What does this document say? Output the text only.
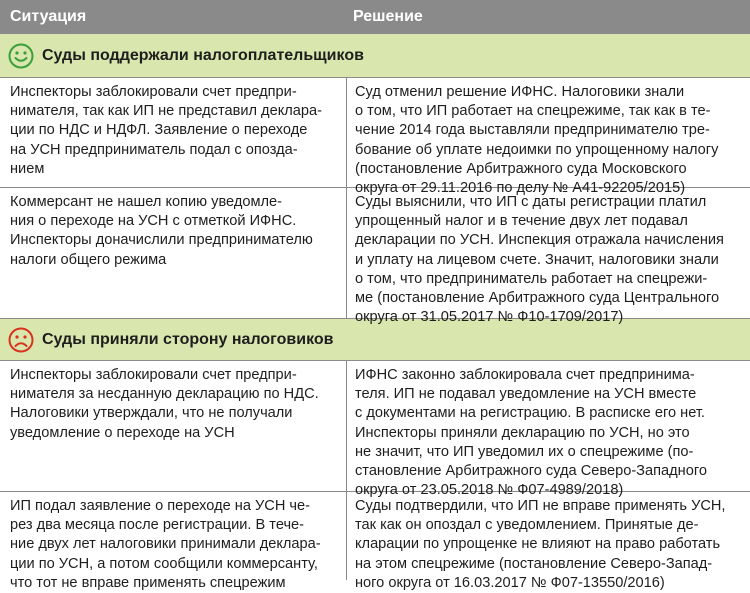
Ситуация	Решение
Суды поддержали налогоплательщиков
Инспекторы заблокировали счет предпри-
нимателя, так как ИП не представил деклара-
ции по НДС и НДФЛ. Заявление о переходе
на УСН предприниматель подал с опозда-
нием
Суд отменил решение ИФНС. Налоговики знали
о том, что ИП работает на спецрежиме, так как в те-
чение 2014 года выставляли предпринимателю тре-
бование об уплате недоимки по упрощенному налогу
(постановление Арбитражного суда Московского
округа от 29.11.2016 по делу № А41-92205/2015)
Коммерсант не нашел копию уведомле-
ния о переходе на УСН с отметкой ИФНС.
Инспекторы доначислили предпринимателю
налоги общего режима
Суды выяснили, что ИП с даты регистрации платил
упрощенный налог и в течение двух лет подавал
декларации по УСН. Инспекция отражала начисления
и уплату на лицевом счете. Значит, налоговики знали
о том, что предприниматель работает на спецрежи-
ме (постановление Арбитражного суда Центрального
округа от 31.05.2017 № Ф10-1709/2017)
Суды приняли сторону налоговиков
Инспекторы заблокировали счет предпри-
нимателя за несданную декларацию по НДС.
Налоговики утверждали, что не получали
уведомление о переходе на УСН
ИФНС законно заблокировала счет предпринима-
теля. ИП не подавал уведомление на УСН вместе
с документами на регистрацию. В расписке его нет.
Инспекторы приняли декларацию по УСН, но это
не значит, что ИП уведомил их о спецрежиме (по-
становление Арбитражного суда Северо-Западного
округа от 23.05.2018 № Ф07-4989/2018)
ИП подал заявление о переходе на УСН че-
рез два месяца после регистрации. В тече-
ние двух лет налоговики принимали деклара-
ции по УСН, а потом сообщили коммерсанту,
что тот не вправе применять спецрежим
Суды подтвердили, что ИП не вправе применять УСН,
так как он опоздал с уведомлением. Принятые де-
кларации по упрощенке не влияют на право работать
на этом спецрежиме (постановление Северо-Запад-
ного округа от 16.03.2017 № Ф07-13550/2016)
